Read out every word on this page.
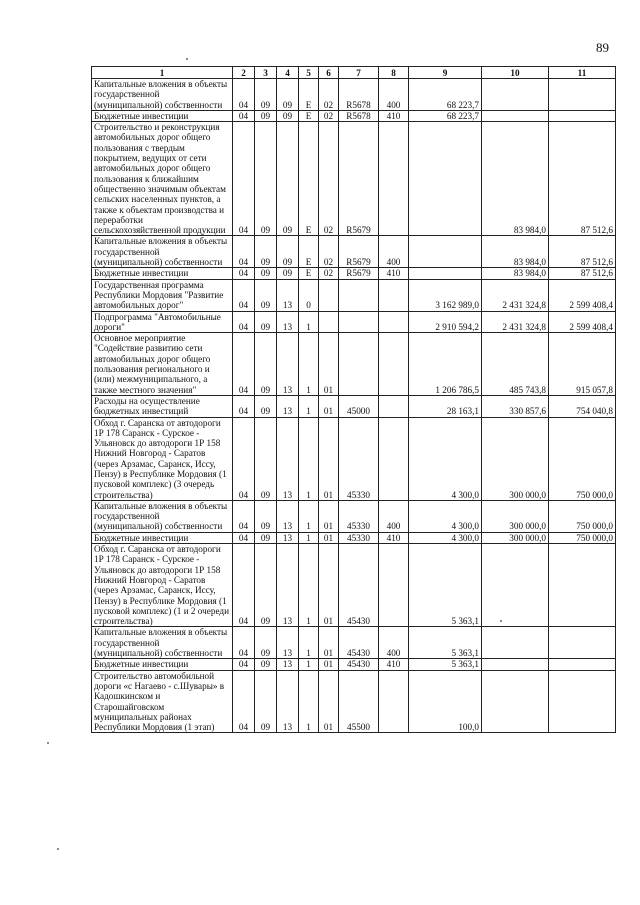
89
1	2	3	4	5	6	7	8	9	10	11
Капитальные вложения в объекты государственной (муниципальной) собственности	04	09	09	Е	02	R5678	400	68 223,7		
Бюджетные инвестиции	04	09	09	Е	02	R5678	410	68 223,7		
Строительство и реконструкция автомобильных дорог общего пользования с твердым покрытием, ведущих от сети автомобильных дорог общего пользования к ближайшим общественно значимым объектам сельских населенных пунктов, а также к объектам производства и переработки сельскохозяйственной продукции	04	09	09	Е	02	R5679			83 984,0	87 512,6
Капитальные вложения в объекты государственной (муниципальной) собственности	04	09	09	Е	02	R5679	400		83 984,0	87 512,6
Бюджетные инвестиции	04	09	09	Е	02	R5679	410		83 984,0	87 512,6
Государственная программа Республики Мордовия "Развитие автомобильных дорог"	04	09	13	0				3 162 989,0	2 431 324,8	2 599 408,4
Подпрограмма "Автомобильные дороги"	04	09	13	1				2 910 594,2	2 431 324,8	2 599 408,4
Основное мероприятие "Содействие развитию сети автомобильных дорог общего пользования регионального и (или) межмуниципального, а также местного значения"	04	09	13	1	01			1 206 786,5	485 743,8	915 057,8
Расходы на осуществление бюджетных инвестиций	04	09	13	1	01	45000		28 163,1	330 857,6	754 040,8
Обход г. Саранска от автодороги 1Р 178 Саранск - Сурское - Ульяновск до автодороги 1Р 158 Нижний Новгород - Саратов (через Арзамас, Саранск, Иссу, Пензу) в Республике Мордовия (1 пусковой комплекс) (3 очередь строительства)	04	09	13	1	01	45330		4 300,0	300 000,0	750 000,0
Капитальные вложения в объекты государственной (муниципальной) собственности	04	09	13	1	01	45330	400	4 300,0	300 000,0	750 000,0
Бюджетные инвестиции	04	09	13	1	01	45330	410	4 300,0	300 000,0	750 000,0
Обход г. Саранска от автодороги 1Р 178 Саранск - Сурское - Ульяновск до автодороги 1Р 158 Нижний Новгород - Саратов (через Арзамас, Саранск, Иссу, Пензу) в Республике Мордовия (1 пусковой комплекс) (1 и 2 очереди строительства)	04	09	13	1	01	45430		5 363,1		
Капитальные вложения в объекты государственной (муниципальной) собственности	04	09	13	1	01	45430	400	5 363,1		
Бюджетные инвестиции	04	09	13	1	01	45430	410	5 363,1		
Строительство автомобильной дороги «с Нагаево - с.Шувары» в Кадошкинском и Старошайговском муниципальных районах Республики Мордовия (1 этап)	04	09	13	1	01	45500		100,0		
